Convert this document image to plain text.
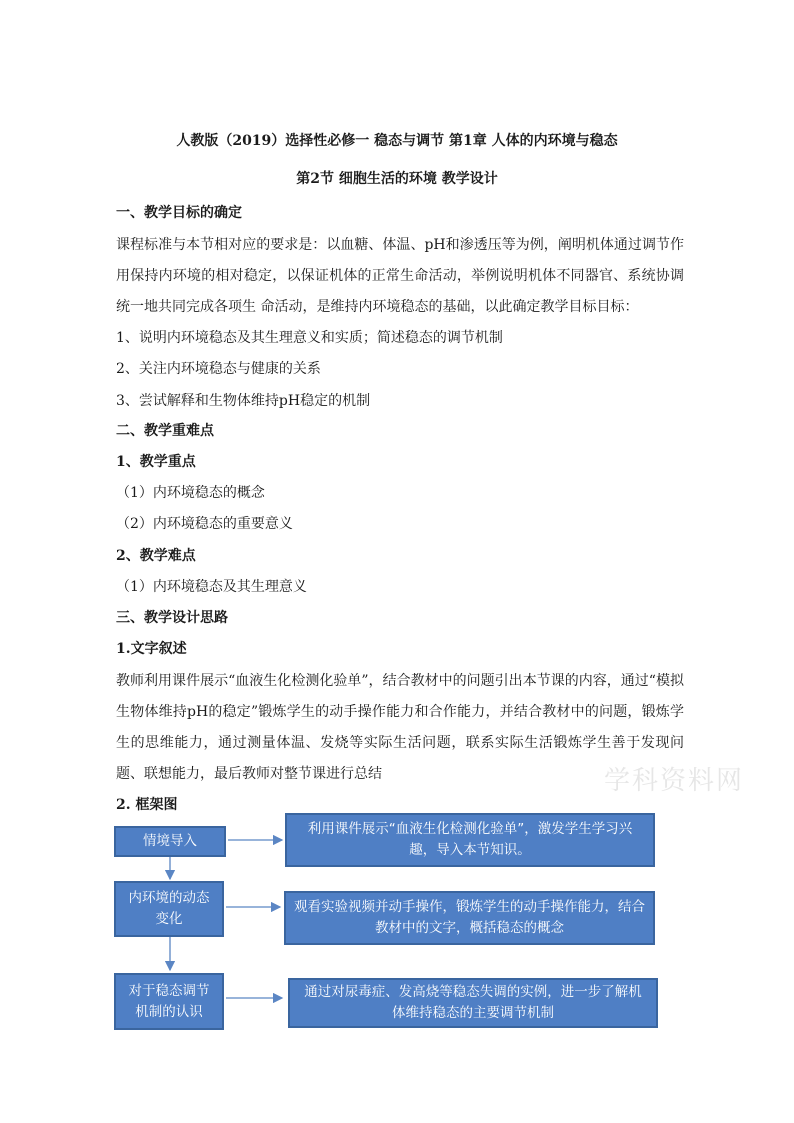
人教版（2019）选择性必修一 稳态与调节 第1章 人体的内环境与稳态
第2节 细胞生活的环境 教学设计
一、教学目标的确定
课程标准与本节相对应的要求是：以血糖、体温、pH和渗透压等为例，阐明机体通过调节作用保持内环境的相对稳定，以保证机体的正常生命活动，举例说明机体不同器官、系统协调统一地共同完成各项生 命活动，是维持内环境稳态的基础，以此确定教学目标目标：
1、说明内环境稳态及其生理意义和实质；简述稳态的调节机制
2、关注内环境稳态与健康的关系
3、尝试解释和生物体维持pH稳定的机制
二、教学重难点
1、教学重点
（1）内环境稳态的概念
（2）内环境稳态的重要意义
2、教学难点
（1）内环境稳态及其生理意义
三、教学设计思路
1.文字叙述
教师利用课件展示“血液生化检测化验单”，结合教材中的问题引出本节课的内容，通过“模拟生物体维持pH的稳定”锻炼学生的动手操作能力和合作能力，并结合教材中的问题，锻炼学生的思维能力，通过测量体温、发烧等实际生活问题，联系实际生活锻炼学生善于发现问题、联想能力，最后教师对整节课进行总结
2. 框架图
学科资料网
情境导入
内环境的动态变化
对于稳态调节机制的认识
利用课件展示“血液生化检测化验单”，激发学生学习兴趣，导入本节知识。
观看实验视频并动手操作，锻炼学生的动手操作能力，结合教材中的文字，概括稳态的概念
通过对尿毒症、发高烧等稳态失调的实例，进一步了解机体维持稳态的主要调节机制
